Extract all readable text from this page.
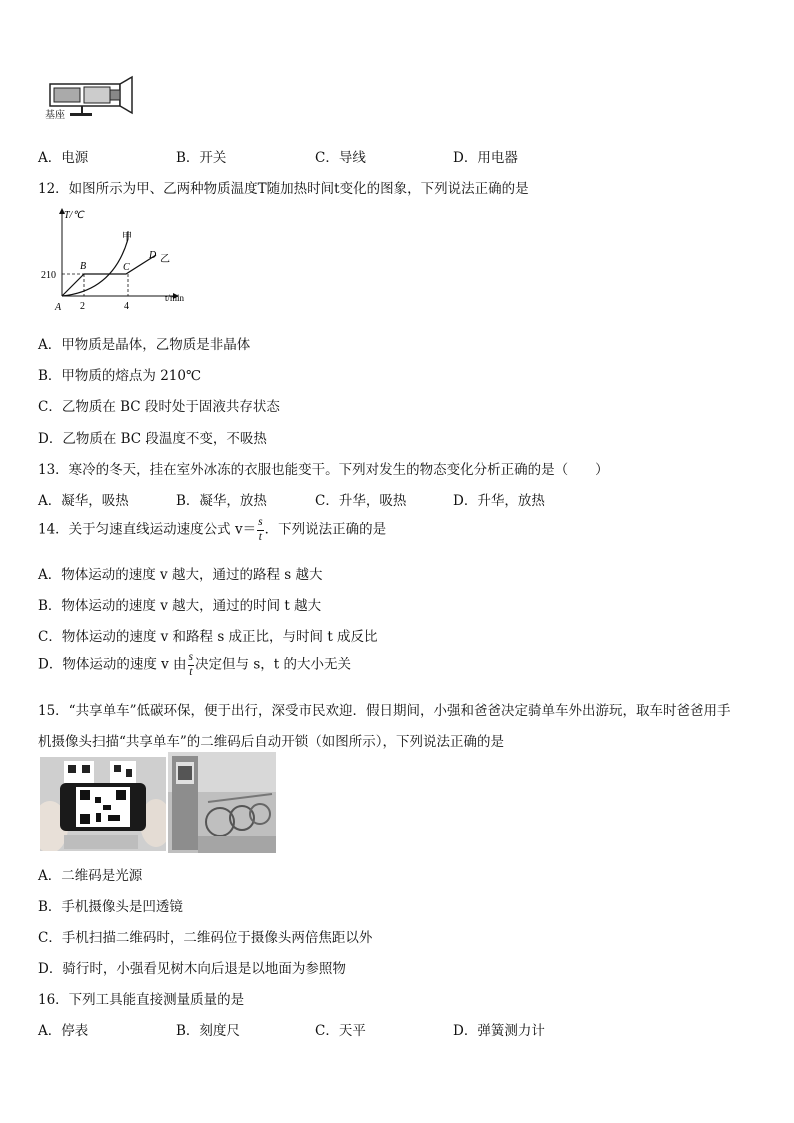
基座
A．电源	B．开关	C．导线	D．用电器
12．如图所示为甲、乙两种物质温度T随加热时间t变化的图象，下列说法正确的是
T/℃
t/min
210
2	4
A
B	C
D
甲
乙
A．甲物质是晶体，乙物质是非晶体
B．甲物质的熔点为 210℃
C．乙物质在 BC 段时处于固液共存状态
D．乙物质在 BC 段温度不变，不吸热
13．寒冷的冬天，挂在室外冰冻的衣服也能变干。下列对发生的物态变化分析正确的是（　　）
A．凝华，吸热	B．凝华，放热	C．升华，吸热	D．升华，放热
14．关于匀速直线运动速度公式 $v= \frac{s}{t}$ ．下列说法正确的是
A．物体运动的速度 v 越大，通过的路程 s 越大
B．物体运动的速度 v 越大，通过的时间 t 越大
C．物体运动的速度 v 和路程 s 成正比，与时间 t 成反比
D．物体运动的速度 v 由 $\frac{s}{t}$ 决定但与 s，t 的大小无关
15．“共享单车”低碳环保，便于出行，深受市民欢迎．假日期间，小强和爸爸决定骑单车外出游玩，取车时爸爸用手
机摄像头扫描“共享单车”的二维码后自动开锁（如图所示），下列说法正确的是
A．二维码是光源
B．手机摄像头是凹透镜
C．手机扫描二维码时，二维码位于摄像头两倍焦距以外
D．骑行时，小强看见树木向后退是以地面为参照物
16．下列工具能直接测量质量的是
A．停表	B．刻度尺	C．天平	D．弹簧测力计
